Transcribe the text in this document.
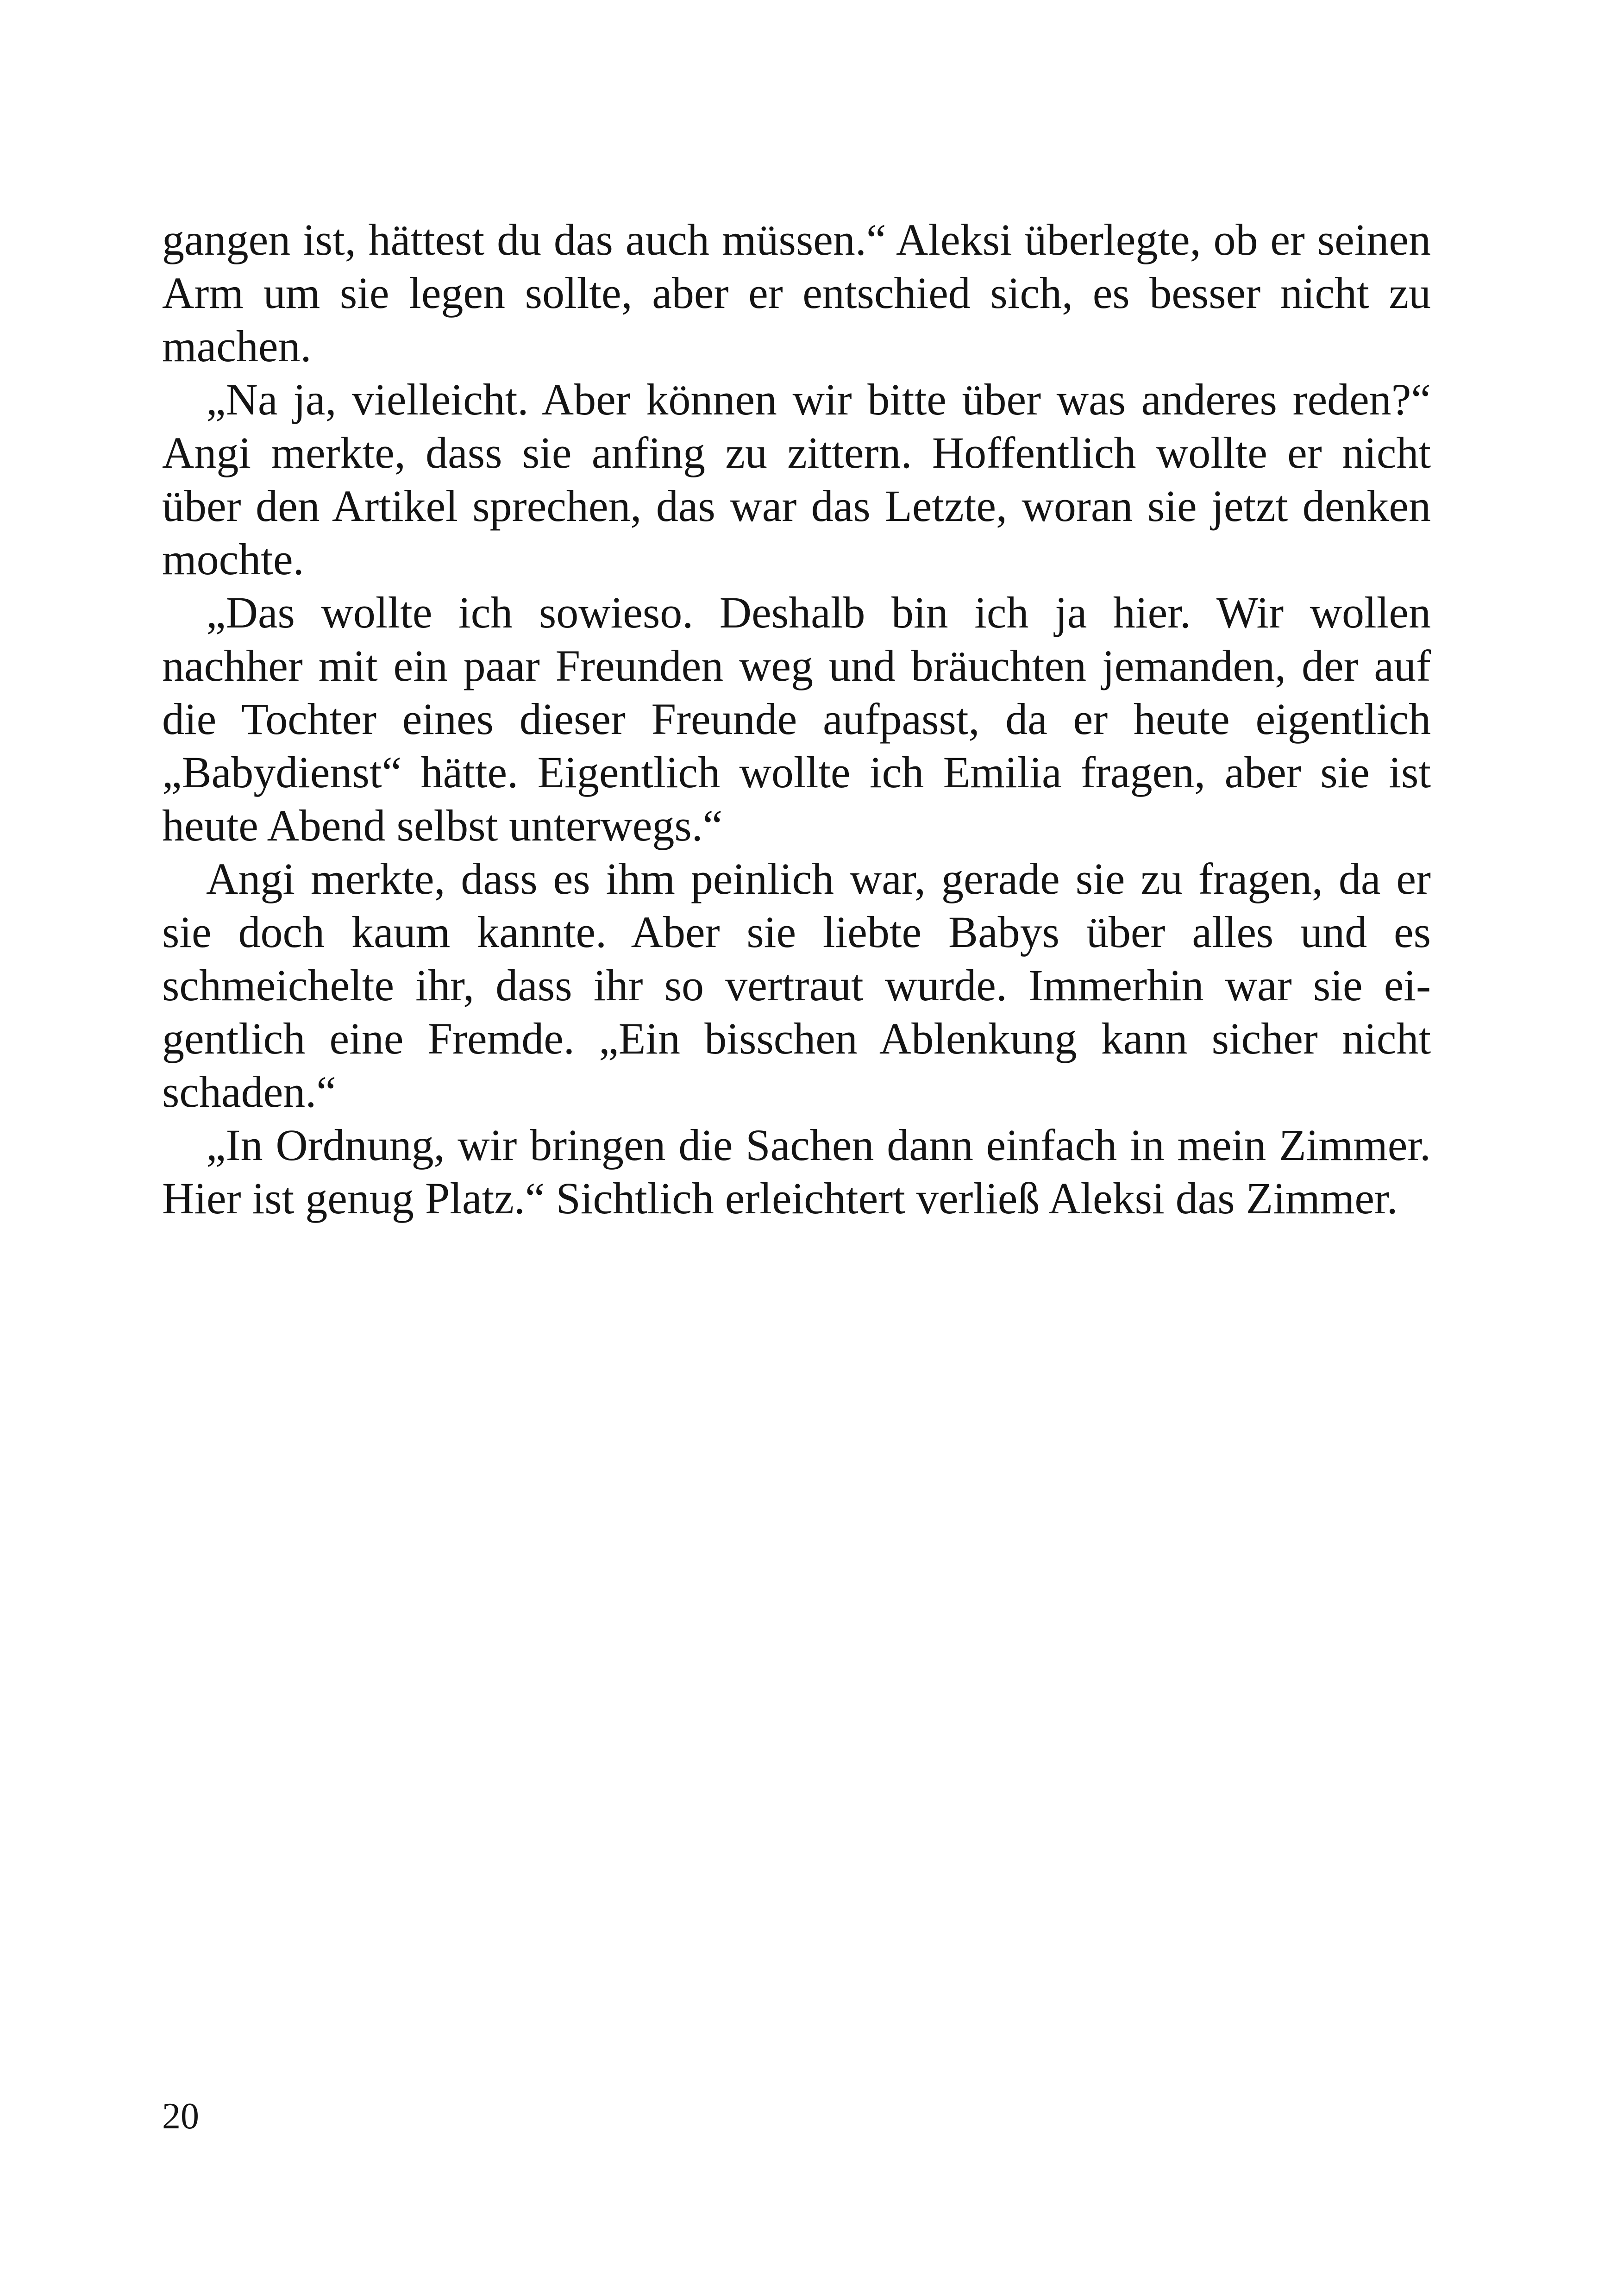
gangen ist, hättest du das auch müssen.“ Aleksi überlegte, ob er seinen Arm um sie legen sollte, aber er entschied sich, es besser nicht zu machen.

„Na ja, vielleicht. Aber können wir bitte über was anderes reden?“ Angi merkte, dass sie anfing zu zittern. Hoffentlich wollte er nicht über den Artikel sprechen, das war das Letzte, woran sie jetzt denken mochte.

„Das wollte ich sowieso. Deshalb bin ich ja hier. Wir wollen nachher mit ein paar Freunden weg und bräuchten jemanden, der auf die Tochter eines dieser Freunde aufpasst, da er heute eigentlich „Babydienst“ hätte. Eigentlich wollte ich Emilia fragen, aber sie ist heute Abend selbst unterwegs.“

Angi merkte, dass es ihm peinlich war, gerade sie zu fragen, da er sie doch kaum kannte. Aber sie liebte Babys über alles und es schmeichelte ihr, dass ihr so vertraut wurde. Immerhin war sie eigentlich eine Fremde. „Ein bisschen Ablenkung kann sicher nicht schaden.“

„In Ordnung, wir bringen die Sachen dann einfach in mein Zimmer. Hier ist genug Platz.“ Sichtlich erleichtert verließ Aleksi das Zimmer.

20
